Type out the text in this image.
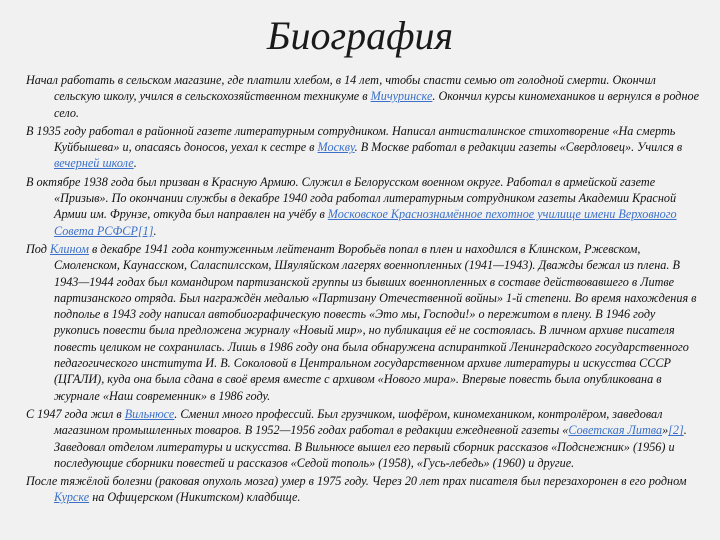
Биография

Начал работать в сельском магазине, где платили хлебом, в 14 лет, чтобы спасти семью от голодной смерти. Окончил сельскую школу, учился в сельскохозяйственном техникуме в Мичуринске. Окончил курсы киномехаников и вернулся в родное село.

В 1935 году работал в районной газете литературным сотрудником. Написал антисталинское стихотворение «На смерть Куйбышева» и, опасаясь доносов, уехал к сестре в Москву. В Москве работал в редакции газеты «Свердловец». Учился в вечерней школе.

В октябре 1938 года был призван в Красную Армию. Служил в Белорусском военном округе. Работал в армейской газете «Призыв». По окончании службы в декабре 1940 года работал литературным сотрудником газеты Академии Красной Армии им. Фрунзе, откуда был направлен на учёбу в Московское Краснознамённое пехотное училище имени Верховного Совета РСФСР[1].

Под Клином в декабре 1941 года контуженным лейтенант Воробьёв попал в плен и находился в Клинском, Ржевском, Смоленском, Каунасском, Саласпилсском, Шяуляйском лагерях военнопленных (1941—1943). Дважды бежал из плена. В 1943—1944 годах был командиром партизанской группы из бывших военнопленных в составе действовавшего в Литве партизанского отряда. Был награждён медалью «Партизану Отечественной войны» 1-й степени. Во время нахождения в подполье в 1943 году написал автобиографическую повесть «Это мы, Господи!» о пережитом в плену. В 1946 году рукопись повести была предложена журналу «Новый мир», но публикация её не состоялась. В личном архиве писателя повесть целиком не сохранилась. Лишь в 1986 году она была обнаружена аспиранткой Ленинградского государственного педагогического института И. В. Соколовой в Центральном государственном архиве литературы и искусства СССР (ЦГАЛИ), куда она была сдана в своё время вместе с архивом «Нового мира». Впервые повесть была опубликована в журнале «Наш современник» в 1986 году.

С 1947 года жил в Вильнюсе. Сменил много профессий. Был грузчиком, шофёром, киномехаником, контролёром, заведовал магазином промышленных товаров. В 1952—1956 годах работал в редакции ежедневной газеты «Советская Литва»[2]. Заведовал отделом литературы и искусства. В Вильнюсе вышел его первый сборник рассказов «Подснежник» (1956) и последующие сборники повестей и рассказов «Седой тополь» (1958), «Гусь-лебедь» (1960) и другие.

После тяжёлой болезни (раковая опухоль мозга) умер в 1975 году. Через 20 лет прах писателя был перезахоронен в его родном Курске на Офицерском (Никитском) кладбище.
